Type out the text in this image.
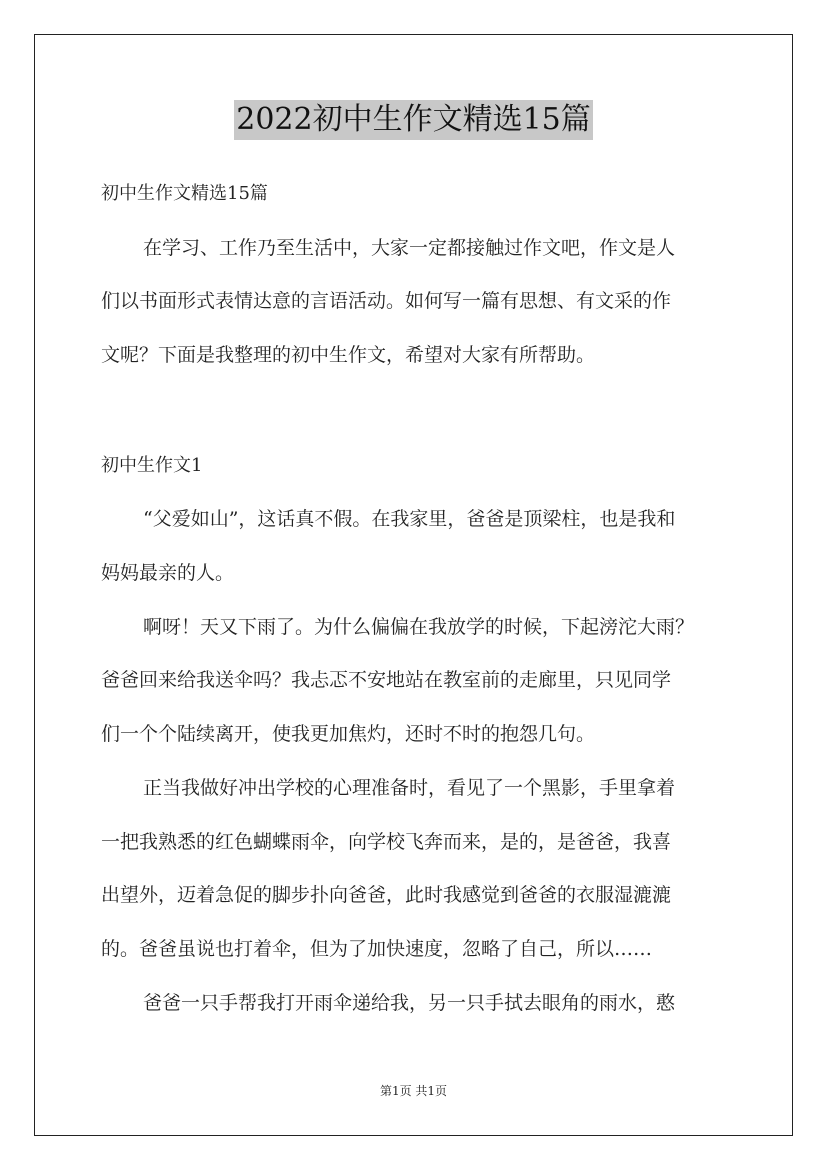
2022初中生作文精选15篇
初中生作文精选15篇
在学习、工作乃至生活中，大家一定都接触过作文吧，作文是人
们以书面形式表情达意的言语活动。如何写一篇有思想、有文采的作
文呢？下面是我整理的初中生作文，希望对大家有所帮助。
初中生作文1
“父爱如山”，这话真不假。在我家里，爸爸是顶梁柱，也是我和
妈妈最亲的人。
啊呀！天又下雨了。为什么偏偏在我放学的时候，下起滂沱大雨？
爸爸回来给我送伞吗？我忐忑不安地站在教室前的走廊里，只见同学
们一个个陆续离开，使我更加焦灼，还时不时的抱怨几句。
正当我做好冲出学校的心理准备时，看见了一个黑影，手里拿着
一把我熟悉的红色蝴蝶雨伞，向学校飞奔而来，是的，是爸爸，我喜
出望外，迈着急促的脚步扑向爸爸，此时我感觉到爸爸的衣服湿漉漉
的。爸爸虽说也打着伞，但为了加快速度，忽略了自己，所以……
爸爸一只手帮我打开雨伞递给我，另一只手拭去眼角的雨水，憨
第1页 共1页
